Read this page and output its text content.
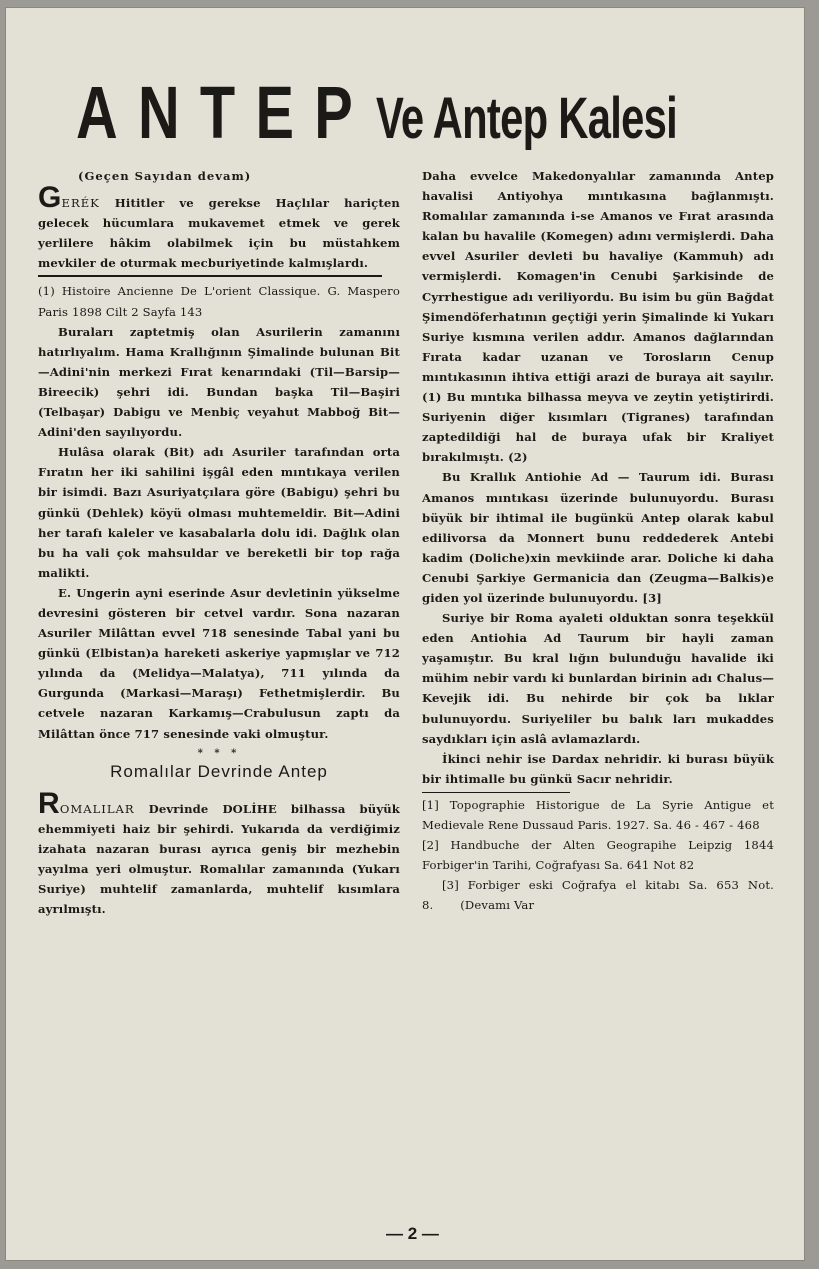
ANTEP Ve Antep Kalesi

(Geçen Sayıdan devam)

GERÉK Hititler ve gerekse Haçlılar hariçten gelecek hücumlara mukavemet etmek ve gerek yerlilere hâkim olabilmek için bu müstahkem mevkiler de oturmak mecburiyetinde kalmışlardı.

(1) Histoire Ancienne De L'orient Classique. G. Maspero Paris 1898 Cilt 2 Sayfa 143

Buraları zaptetmiş olan Asurilerin zamanını hatırlıyalım. Hama Krallığının Şimalinde bulunan Bit—Adini'nin merkezi Fırat kenarındaki (Til—Barsip—Bireecik) şehri idi. Bundan başka Til—Başiri (Telbaşar) Dabigu ve Menbiç veyahut Mabboğ Bit—Adini'den sayılıyordu.

Hulâsa olarak (Bit) adı Asuriler tarafından orta Fıratın her iki sahilini işgâl eden mıntıkaya verilen bir isimdi. Bazı Asuriyatçılara göre (Babigu) şehri bu günkü (Dehlek) köyü olması muhtemeldir. Bit—Adini her tarafı kaleler ve kasabalarla dolu idi. Dağlık olan bu ha vali çok mahsuldar ve bereketli bir top rağa malikti.

E. Ungerin ayni eserinde Asur devletinin yükselme devresini gösteren bir cetvel vardır. Sona nazaran Asuriler Milâttan evvel 718 senesinde Tabal yani bu günkü (Elbistan)a hareketi askeriye yapmışlar ve 712 yılında da (Melidya—Malatya), 711 yılında da Gurgunda (Markasi—Maraşı) Fethetmişlerdir. Bu cetvele nazaran Karkamış—Crabulusun zaptı da Milâttan önce 717 senesinde vaki olmuştur.

* * *

Romalılar Devrinde Antep

ROMALILAR Devrinde DOLİHE bilhassa büyük ehemmiyeti haiz bir şehirdi. Yukarıda da verdiğimiz izahata nazaran burası ayrıca geniş bir mezhebin yayılma yeri olmuştur. Romalılar zamanında (Yukarı Suriye) muhtelif zamanlarda, muhtelif kısımlara ayrılmıştı.

Daha evvelce Makedonyalılar zamanında Antep havalisi Antiyohya mıntıkasına bağlanmıştı. Romalılar zamanında i-se Amanos ve Fırat arasında kalan bu havalile (Komegen) adını vermişlerdi. Daha evvel Asuriler devleti bu havaliye (Kammuh) adı vermişlerdi. Komagen'in Cenubi Şarkisinde de Cyrrhestigue adı veriliyordu. Bu isim bu gün Bağdat Şimendöferhatının geçtiği yerin Şimalinde ki Yukarı Suriye kısmına verilen addır. Amanos dağlarından Fırata kadar uzanan ve Torosların Cenup mıntıkasının ihtiva ettiği arazi de buraya ait sayılır. (1) Bu mıntıka bilhassa meyva ve zeytin yetiştirirdi. Suriyenin diğer kısımları (Tigranes) tarafından zaptedildiği hal de buraya ufak bir Kraliyet bırakılmıştı. (2)

Bu Krallık Antiohie Ad — Taurum idi. Burası Amanos mıntıkası üzerinde bulunuyordu. Burası büyük bir ihtimal ile bugünkü Antep olarak kabul edilivorsa da Monnert bunu reddederek Antebi kadim (Doliche)xin mevkiinde arar. Doliche ki daha Cenubi Şarkiye Germanicia dan (Zeugma—Balkis)e giden yol üzerinde bulunuyordu. [3]

Suriye bir Roma ayaleti olduktan sonra teşekkül eden Antiohia Ad Taurum bir hayli zaman yaşamıştır. Bu kral lığın bulunduğu havalide iki mühim nebir vardı ki bunlardan birinin adı Chalus—Kevejik idi. Bu nehirde bir çok ba lıklar bulunuyordu. Suriyeliler bu balık ları mukaddes saydıkları için aslâ avlamazlardı.

İkinci nehir ise Dardax nehridir. ki burası büyük bir ihtimalle bu günkü Sacır nehridir.

[1] Topographie Historigue de La Syrie Antigue et Medievale Rene Dussaud Paris. 1927. Sa. 46 - 467 - 468

[2] Handbuche der Alten Geograpihe Leipzig 1844 Forbiger'in Tarihi, Coğrafyası Sa. 641 Not 82

[3] Forbiger eski Coğrafya el kitabı Sa. 653 Not. 8. (Devamı Var

— 2 —
